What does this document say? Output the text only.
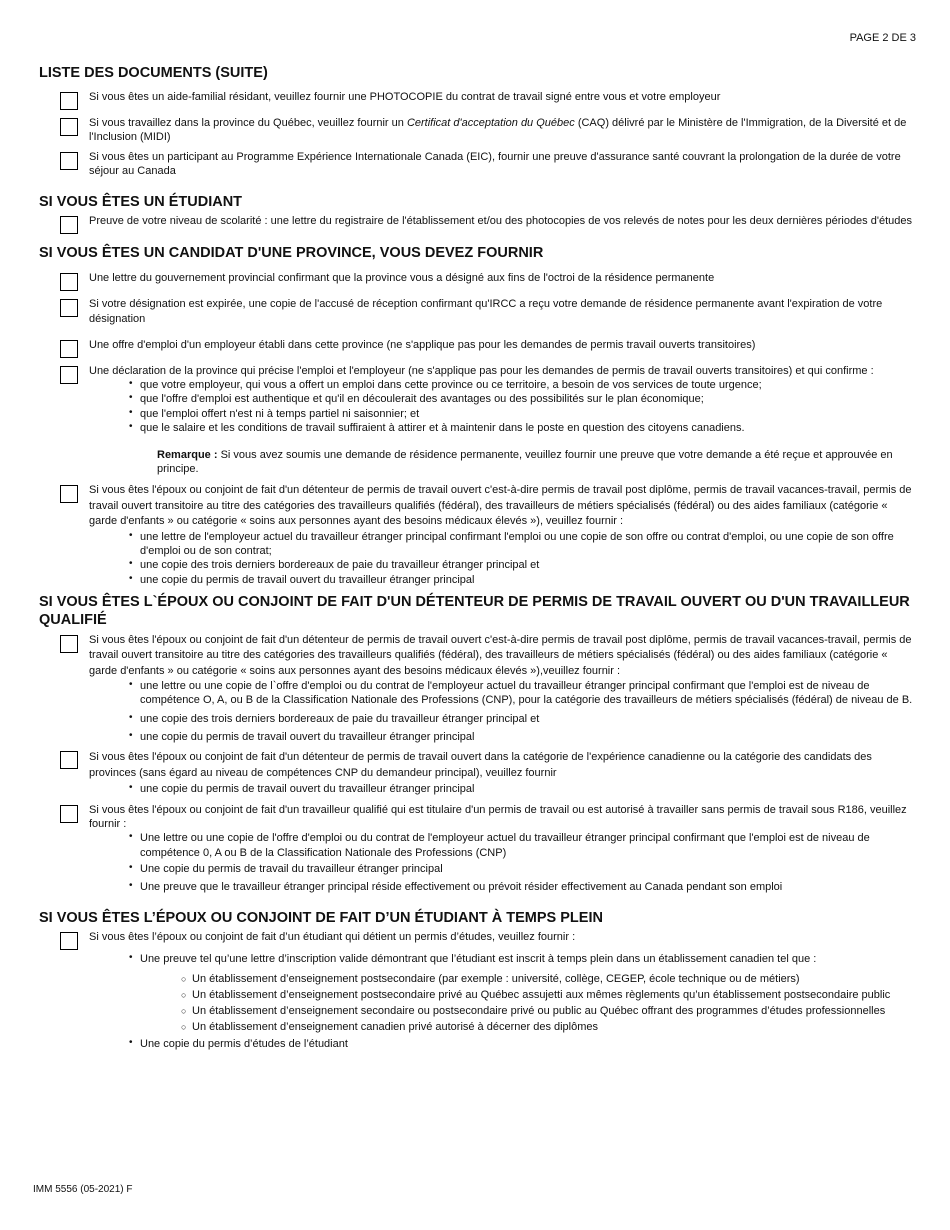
PAGE 2 DE 3
LISTE DES DOCUMENTS (SUITE)

Si vous êtes un aide-familial résidant, veuillez fournir une PHOTOCOPIE du contrat de travail signé entre vous et votre employeur

Si vous travaillez dans la province du Québec, veuillez fournir un Certificat d'acceptation du Québec (CAQ) délivré par le Ministère de l'Immigration, de la Diversité et de l'Inclusion (MIDI)

Si vous êtes un participant au Programme Expérience Internationale Canada (EIC), fournir une preuve d'assurance santé couvrant la prolongation de la durée de votre séjour au Canada

SI VOUS ÊTES UN ÉTUDIANT

Preuve de votre niveau de scolarité : une lettre du registraire de l'établissement et/ou des photocopies de vos relevés de notes pour les deux dernières périodes d'études

SI VOUS ÊTES UN CANDIDAT D'UNE PROVINCE, VOUS DEVEZ FOURNIR

Une lettre du gouvernement provincial confirmant que la province vous a désigné aux fins de l'octroi de la résidence permanente

Si votre désignation est expirée, une copie de l'accusé de réception confirmant qu'IRCC a reçu votre demande de résidence permanente avant l'expiration de votre désignation

Une offre d'emploi d'un employeur établi dans cette province (ne s'applique pas pour les demandes de permis travail ouverts transitoires)

Une déclaration de la province qui précise l'emploi et l'employeur (ne s'applique pas pour les demandes de permis de travail ouverts transitoires) et qui confirme :

• que votre employeur, qui vous a offert un emploi dans cette province ou ce territoire, a besoin de vos services de toute urgence;
• que l'offre d'emploi est authentique et qu'il en découlerait des avantages ou des possibilités sur le plan économique;
• que l'emploi offert n'est ni à temps partiel ni saisonnier; et
• que le salaire et les conditions de travail suffiraient à attirer et à maintenir dans le poste en question des citoyens canadiens.

Remarque : Si vous avez soumis une demande de résidence permanente, veuillez fournir une preuve que votre demande a été reçue et approuvée en principe.

Si vous êtes l'époux ou conjoint de fait d'un détenteur de permis de travail ouvert c'est-à-dire permis de travail post diplôme, permis de travail vacances-travail, permis de travail ouvert transitoire au titre des catégories des travailleurs qualifiés (fédéral), des travailleurs de métiers spécialisés (fédéral) ou des aides familiaux (catégorie « garde d'enfants » ou catégorie « soins aux personnes ayant des besoins médicaux élevés »), veuillez fournir :

• une lettre de l'employeur actuel du travailleur étranger principal confirmant l'emploi ou une copie de son offre ou contrat d'emploi, ou une copie de son offre d'emploi ou de son contrat;
• une copie des trois derniers bordereaux de paie du travailleur étranger principal et
• une copie du permis de travail ouvert du travailleur étranger principal
SI VOUS ÊTES L`ÉPOUX OU CONJOINT DE FAIT D'UN DÉTENTEUR DE PERMIS DE TRAVAIL OUVERT OU D'UN TRAVAILLEUR QUALIFIÉ

Si vous êtes l'époux ou conjoint de fait d'un détenteur de permis de travail ouvert c'est-à-dire permis de travail post diplôme, permis de travail vacances-travail, permis de travail ouvert transitoire au titre des catégories des travailleurs qualifiés (fédéral), des travailleurs de métiers spécialisés (fédéral) ou des aides familiaux (catégorie « garde d'enfants » ou catégorie « soins aux personnes ayant des besoins médicaux élevés »),veuillez fournir :

• une lettre ou une copie de l`offre d'emploi ou du contrat de l'employeur actuel du travailleur étranger principal confirmant que l'emploi est de niveau de compétence O, A, ou B de la Classification Nationale des Professions (CNP), pour la catégorie des travailleurs de métiers spécialisés (fédéral) de niveau de B.
• une copie des trois derniers bordereaux de paie du travailleur étranger principal et
• une copie du permis de travail ouvert du travailleur étranger principal

Si vous êtes l'époux ou conjoint de fait d'un détenteur de permis de travail ouvert dans la catégorie de l'expérience canadienne ou la catégorie des candidats des provinces (sans égard au niveau de compétences CNP du demandeur principal), veuillez fournir

• une copie du permis de travail ouvert du travailleur étranger principal

Si vous êtes l'époux ou conjoint de fait d'un travailleur qualifié qui est titulaire d'un permis de travail ou est autorisé à travailler sans permis de travail sous R186, veuillez fournir :

• Une lettre ou une copie de l'offre d'emploi ou du contrat de l'employeur actuel du travailleur étranger principal confirmant que l'emploi est de niveau de compétence 0, A ou B de la Classification Nationale des Professions (CNP)
• Une copie du permis de travail du travailleur étranger principal
• Une preuve que le travailleur étranger principal réside effectivement ou prévoit résider effectivement au Canada pendant son emploi
SI VOUS ÊTES L’ÉPOUX OU CONJOINT DE FAIT D’UN ÉTUDIANT À TEMPS PLEIN

Si vous êtes l’époux ou conjoint de fait d’un étudiant qui détient un permis d’études, veuillez fournir :

• Une preuve tel qu’une lettre d’inscription valide démontrant que l’étudiant est inscrit à temps plein dans un établissement canadien tel que :
○ Un établissement d’enseignement postsecondaire (par exemple : université, collège, CEGEP, école technique ou de métiers)
○ Un établissement d’enseignement postsecondaire privé au Québec assujetti aux mêmes règlements qu’un établissement postsecondaire public
○ Un établissement d’enseignement secondaire ou postsecondaire privé ou public au Québec offrant des programmes d’études professionnelles
○ Un établissement d’enseignement canadien privé autorisé à décerner des diplômes
• Une copie du permis d’études de l’étudiant
IMM 5556 (05-2021) F
